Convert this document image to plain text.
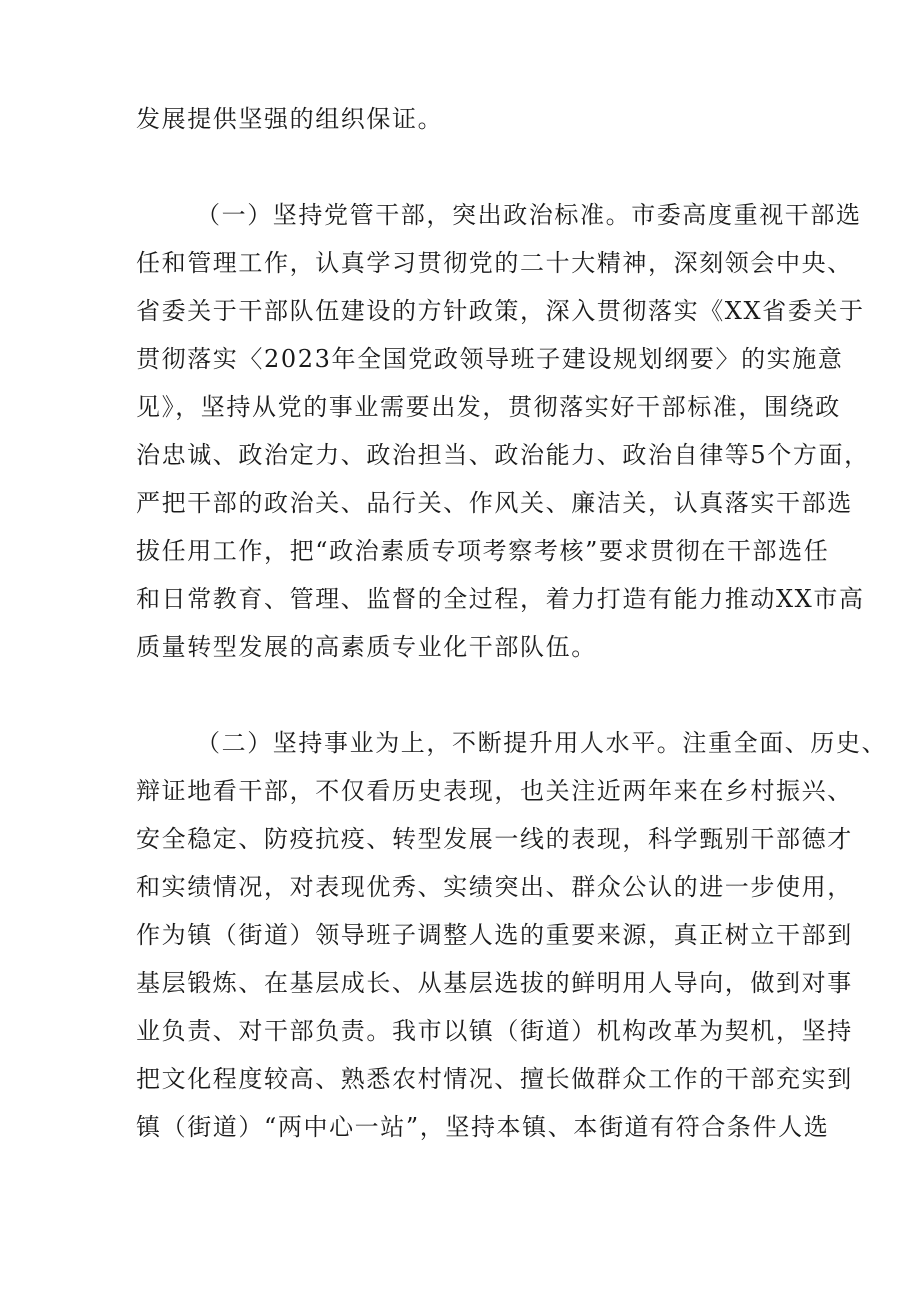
发展提供坚强的组织保证。
（一）坚持党管干部，突出政治标准。市委高度重视干部选
任和管理工作，认真学习贯彻党的二十大精神，深刻领会中央、
省委关于干部队伍建设的方针政策，深入贯彻落实《XX省委关于
贯彻落实〈2023年全国党政领导班子建设规划纲要〉的实施意
见》，坚持从党的事业需要出发，贯彻落实好干部标准，围绕政
治忠诚、政治定力、政治担当、政治能力、政治自律等5个方面，
严把干部的政治关、品行关、作风关、廉洁关，认真落实干部选
拔任用工作，把“政治素质专项考察考核”要求贯彻在干部选任
和日常教育、管理、监督的全过程，着力打造有能力推动XX市高
质量转型发展的高素质专业化干部队伍。
（二）坚持事业为上，不断提升用人水平。注重全面、历史、
辩证地看干部，不仅看历史表现，也关注近两年来在乡村振兴、
安全稳定、防疫抗疫、转型发展一线的表现，科学甄别干部德才
和实绩情况，对表现优秀、实绩突出、群众公认的进一步使用，
作为镇（街道）领导班子调整人选的重要来源，真正树立干部到
基层锻炼、在基层成长、从基层选拔的鲜明用人导向，做到对事
业负责、对干部负责。我市以镇（街道）机构改革为契机，坚持
把文化程度较高、熟悉农村情况、擅长做群众工作的干部充实到
镇（街道）“两中心一站”，坚持本镇、本街道有符合条件人选
